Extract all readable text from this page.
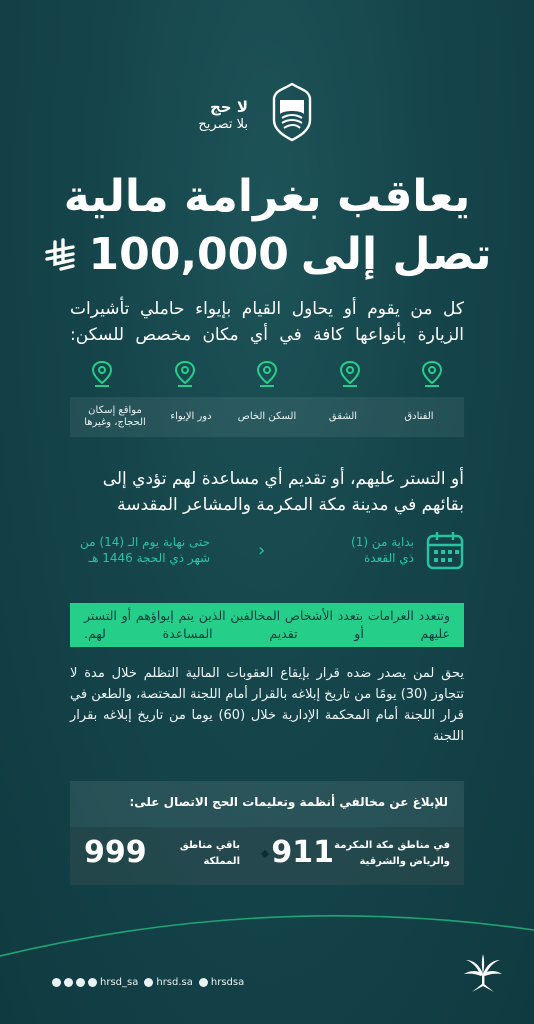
لا حج
بلا تصريح
يعاقب بغرامة مالية
تصل إلى
100,000

كل من يقوم أو يحاول القيام بإيواء حاملي تأشيرات الزيارة بأنواعها كافة في أي مكان مخصص للسكن:

الفنادق
الشقق
السكن الخاص
دور الإيواء
مواقع إسكان الحجاج، وغيرها

أو التستر عليهم، أو تقديم أي مساعدة لهم تؤدي إلى بقائهم في مدينة مكة المكرمة والمشاعر المقدسة

بداية من (1)
ذي القعدة
‹
حتى نهاية يوم الـ (14) من
شهر ذي الحجة 1446 هـ
وتتعدد الغرامات بتعدد الأشخاص المخالفين الذين يتم إيواؤهم أو التستر عليهم أو تقديم المساعدة لهم.

يحق لمن يصدر ضده قرار بإيقاع العقوبات المالية التظلم خلال مدة لا تتجاوز (30) يومًا من تاريخ إبلاغه بالقرار أمام اللجنة المختصة، والطعن في قرار اللجنة أمام المحكمة الإدارية خلال (60) يوما من تاريخ إبلاغه بقرار اللجنة

للإبلاغ عن مخالفي أنظمة وتعليمات الحج الاتصال على:
في مناطق مكة المكرمة
والرياض والشرقية
911
باقي مناطق
المملكة
999
hrsd_sa hrsd.sa hrsdsa
